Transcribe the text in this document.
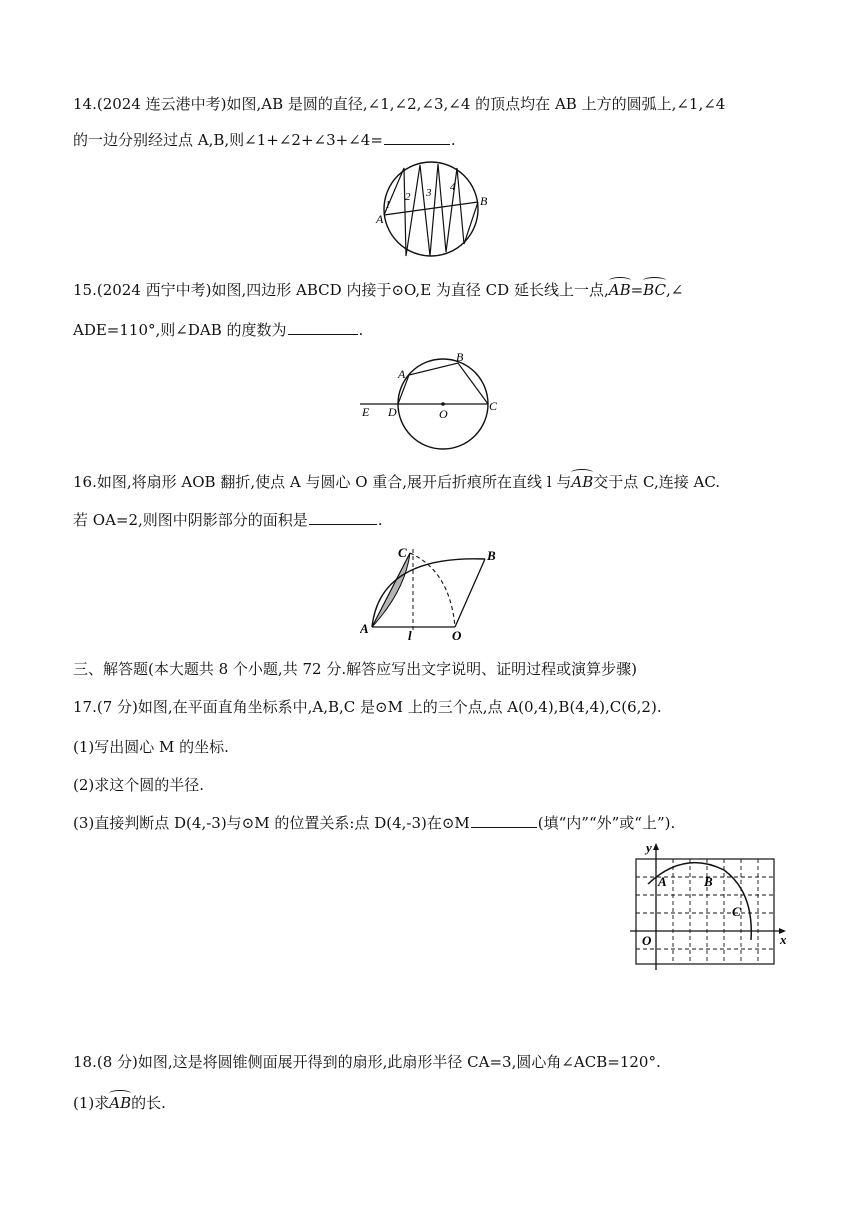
14.(2024 连云港中考)如图,AB 是圆的直径,∠1,∠2,∠3,∠4 的顶点均在 AB 上方的圆弧上,∠1,∠4
的一边分别经过点 A,B,则∠1+∠2+∠3+∠4=	.
A
B
1
2 3 4
15.(2024 西宁中考)如图,四边形 ABCD 内接于⊙O,E 为直径 CD 延长线上一点,AB=BC,∠
ADE=110°,则∠DAB 的度数为	.
A
B
C
D
E	O
16.如图,将扇形 AOB 翻折,使点 A 与圆心 O 重合,展开后折痕所在直线 l 与AB交于点 C,连接 AC.
若 OA=2,则图中阴影部分的面积是	.
A
B
C
O
l
三、解答题(本大题共 8 个小题,共 72 分.解答应写出文字说明、证明过程或演算步骤)
17.(7 分)如图,在平面直角坐标系中,A,B,C 是⊙M 上的三个点,点 A(0,4),B(4,4),C(6,2).
(1)写出圆心 M 的坐标.
(2)求这个圆的半径.
(3)直接判断点 D(4,-3)与⊙M 的位置关系:点 D(4,-3)在⊙M	(填“内”“外”或“上”).
y
x
O
A	B
C
18.(8 分)如图,这是将圆锥侧面展开得到的扇形,此扇形半径 CA=3,圆心角∠ACB=120°.
(1)求AB的长.
